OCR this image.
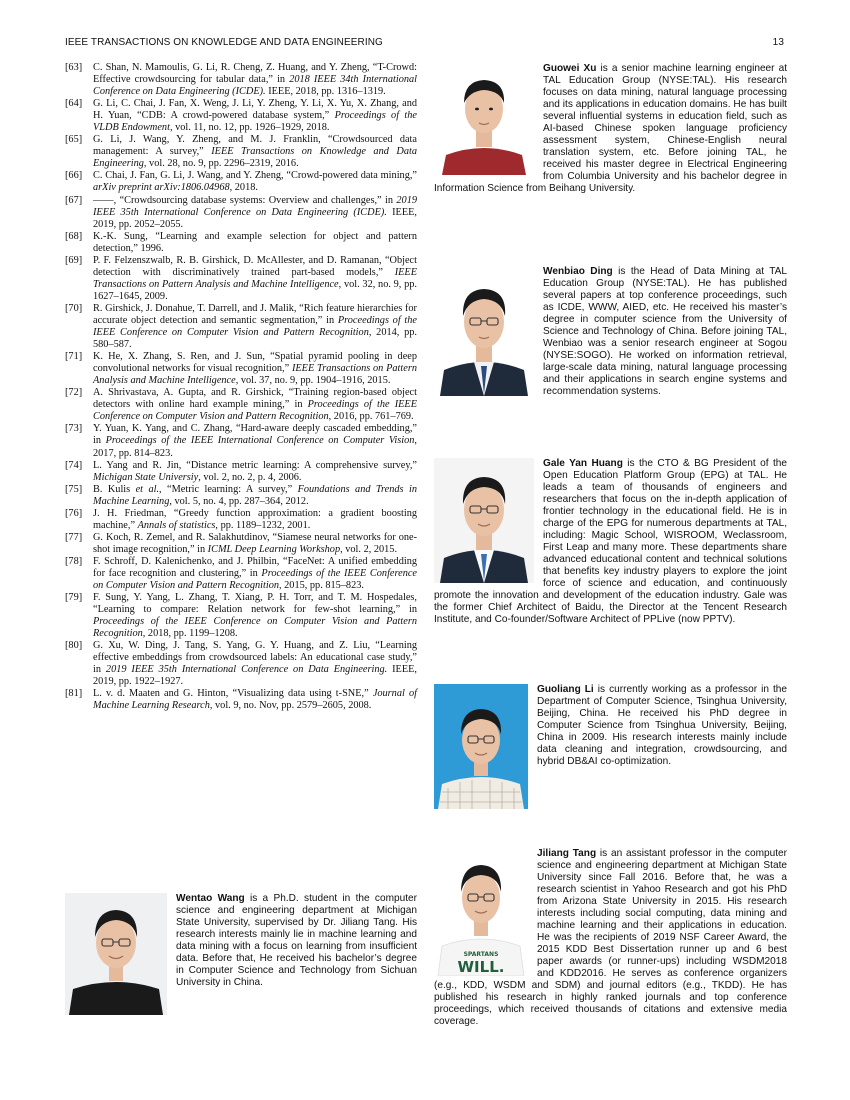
IEEE TRANSACTIONS ON KNOWLEDGE AND DATA ENGINEERING	13
[63] C. Shan, N. Mamoulis, G. Li, R. Cheng, Z. Huang, and Y. Zheng, “T-Crowd: Effective crowdsourcing for tabular data,” in 2018 IEEE 34th International Conference on Data Engineering (ICDE). IEEE, 2018, pp. 1316–1319.
[64] G. Li, C. Chai, J. Fan, X. Weng, J. Li, Y. Zheng, Y. Li, X. Yu, X. Zhang, and H. Yuan, “CDB: A crowd-powered database system,” Proceedings of the VLDB Endowment, vol. 11, no. 12, pp. 1926–1929, 2018.
[65] G. Li, J. Wang, Y. Zheng, and M. J. Franklin, “Crowdsourced data management: A survey,” IEEE Transactions on Knowledge and Data Engineering, vol. 28, no. 9, pp. 2296–2319, 2016.
[66] C. Chai, J. Fan, G. Li, J. Wang, and Y. Zheng, “Crowd-powered data mining,” arXiv preprint arXiv:1806.04968, 2018.
[67] ——, “Crowdsourcing database systems: Overview and challenges,” in 2019 IEEE 35th International Conference on Data Engineering (ICDE). IEEE, 2019, pp. 2052–2055.
[68] K.-K. Sung, “Learning and example selection for object and pattern detection,” 1996.
[69] P. F. Felzenszwalb, R. B. Girshick, D. McAllester, and D. Ramanan, “Object detection with discriminatively trained part-based models,” IEEE Transactions on Pattern Analysis and Machine Intelligence, vol. 32, no. 9, pp. 1627–1645, 2009.
[70] R. Girshick, J. Donahue, T. Darrell, and J. Malik, “Rich feature hierarchies for accurate object detection and semantic segmentation,” in Proceedings of the IEEE Conference on Computer Vision and Pattern Recognition, 2014, pp. 580–587.
[71] K. He, X. Zhang, S. Ren, and J. Sun, “Spatial pyramid pooling in deep convolutional networks for visual recognition,” IEEE Transactions on Pattern Analysis and Machine Intelligence, vol. 37, no. 9, pp. 1904–1916, 2015.
[72] A. Shrivastava, A. Gupta, and R. Girshick, “Training region-based object detectors with online hard example mining,” in Proceedings of the IEEE Conference on Computer Vision and Pattern Recognition, 2016, pp. 761–769.
[73] Y. Yuan, K. Yang, and C. Zhang, “Hard-aware deeply cascaded embedding,” in Proceedings of the IEEE International Conference on Computer Vision, 2017, pp. 814–823.
[74] L. Yang and R. Jin, “Distance metric learning: A comprehensive survey,” Michigan State Universiy, vol. 2, no. 2, p. 4, 2006.
[75] B. Kulis et al., “Metric learning: A survey,” Foundations and Trends in Machine Learning, vol. 5, no. 4, pp. 287–364, 2012.
[76] J. H. Friedman, “Greedy function approximation: a gradient boosting machine,” Annals of statistics, pp. 1189–1232, 2001.
[77] G. Koch, R. Zemel, and R. Salakhutdinov, “Siamese neural networks for one-shot image recognition,” in ICML Deep Learning Workshop, vol. 2, 2015.
[78] F. Schroff, D. Kalenichenko, and J. Philbin, “FaceNet: A unified embedding for face recognition and clustering,” in Proceedings of the IEEE Conference on Computer Vision and Pattern Recognition, 2015, pp. 815–823.
[79] F. Sung, Y. Yang, L. Zhang, T. Xiang, P. H. Torr, and T. M. Hospedales, “Learning to compare: Relation network for few-shot learning,” in Proceedings of the IEEE Conference on Computer Vision and Pattern Recognition, 2018, pp. 1199–1208.
[80] G. Xu, W. Ding, J. Tang, S. Yang, G. Y. Huang, and Z. Liu, “Learning effective embeddings from crowdsourced labels: An educational case study,” in 2019 IEEE 35th International Conference on Data Engineering. IEEE, 2019, pp. 1922–1927.
[81] L. v. d. Maaten and G. Hinton, “Visualizing data using t-SNE,” Journal of Machine Learning Research, vol. 9, no. Nov, pp. 2579–2605, 2008.

Guowei Xu is a senior machine learning engineer at TAL Education Group (NYSE:TAL). His research focuses on data mining, natural language processing and its applications in education domains. He has built several influential systems in education field, such as AI-based Chinese spoken language proficiency assessment system, Chinese-English neural translation system, etc. Before joining TAL, he received his master degree in Electrical Engineering from Columbia University and his bachelor degree in Information Science from Beihang University.

Wenbiao Ding is the Head of Data Mining at TAL Education Group (NYSE:TAL). He has published several papers at top conference proceedings, such as ICDE, WWW, AIED, etc. He received his master’s degree in computer science from the University of Science and Technology of China. Before joining TAL, Wenbiao was a senior research engineer at Sogou (NYSE:SOGO). He worked on information retrieval, large-scale data mining, natural language processing and their applications in search engine systems and recommendation systems.

Gale Yan Huang is the CTO & BG President of the Open Education Platform Group (EPG) at TAL. He leads a team of thousands of engineers and researchers that focus on the in-depth application of frontier technology in the educational field. He is in charge of the EPG for numerous departments at TAL, including: Magic School, WISROOM, Weclassroom, First Leap and many more. These departments share advanced educational content and technical solutions that benefits key industry players to explore the joint force of science and education, and continuously promote the innovation and development of the education industry. Gale was the former Chief Architect of Baidu, the Director at the Tencent Research Institute, and Co-founder/Software Architect of PPLive (now PPTV).

Guoliang Li is currently working as a professor in the Department of Computer Science, Tsinghua University, Beijing, China. He received his PhD degree in Computer Science from Tsinghua University, Beijing, China in 2009. His research interests mainly include data cleaning and integration, crowdsourcing, and hybrid DB&AI co-optimization.

SPARTANS
WILL.

Jiliang Tang is an assistant professor in the computer science and engineering department at Michigan State University since Fall 2016. Before that, he was a research scientist in Yahoo Research and got his PhD from Arizona State University in 2015. His research interests including social computing, data mining and machine learning and their applications in education. He was the recipients of 2019 NSF Career Award, the 2015 KDD Best Dissertation runner up and 6 best paper awards (or runner-ups) including WSDM2018 and KDD2016. He serves as conference organizers (e.g., KDD, WSDM and SDM) and journal editors (e.g., TKDD). He has published his research in highly ranked journals and top conference proceedings, which received thousands of citations and extensive media coverage.

Wentao Wang is a Ph.D. student in the computer science and engineering department at Michigan State University, supervised by Dr. Jiliang Tang. His research interests mainly lie in machine learning and data mining with a focus on learning from insufficient data. Before that, He received his bachelor’s degree in Computer Science and Technology from Sichuan University in China.
